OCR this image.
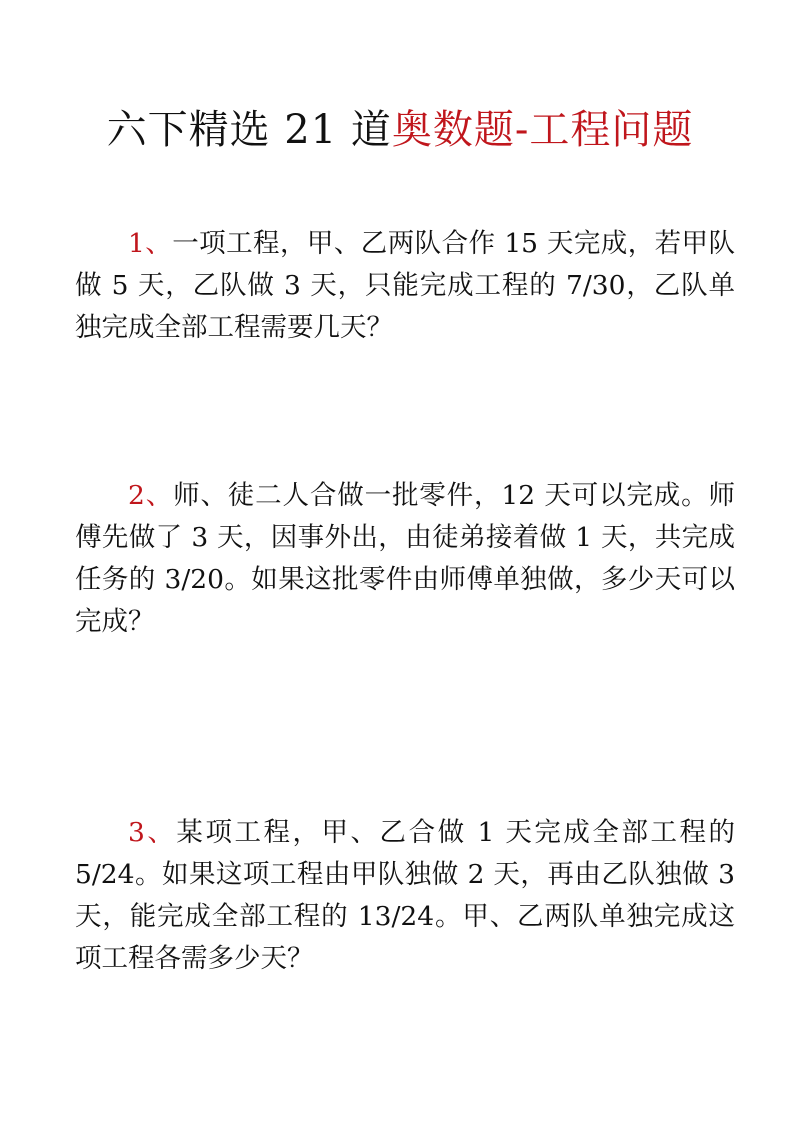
六下精选 21 道奥数题-工程问题

1、一项工程，甲、乙两队合作 15 天完成，若甲队做 5 天，乙队做 3 天，只能完成工程的 7/30，乙队单独完成全部工程需要几天？

2、师、徒二人合做一批零件，12 天可以完成。师傅先做了 3 天，因事外出，由徒弟接着做 1 天，共完成任务的 3/20。如果这批零件由师傅单独做，多少天可以完成？

3、某项工程，甲、乙合做 1 天完成全部工程的 5/24。如果这项工程由甲队独做 2 天，再由乙队独做 3 天，能完成全部工程的 13/24。甲、乙两队单独完成这项工程各需多少天？
